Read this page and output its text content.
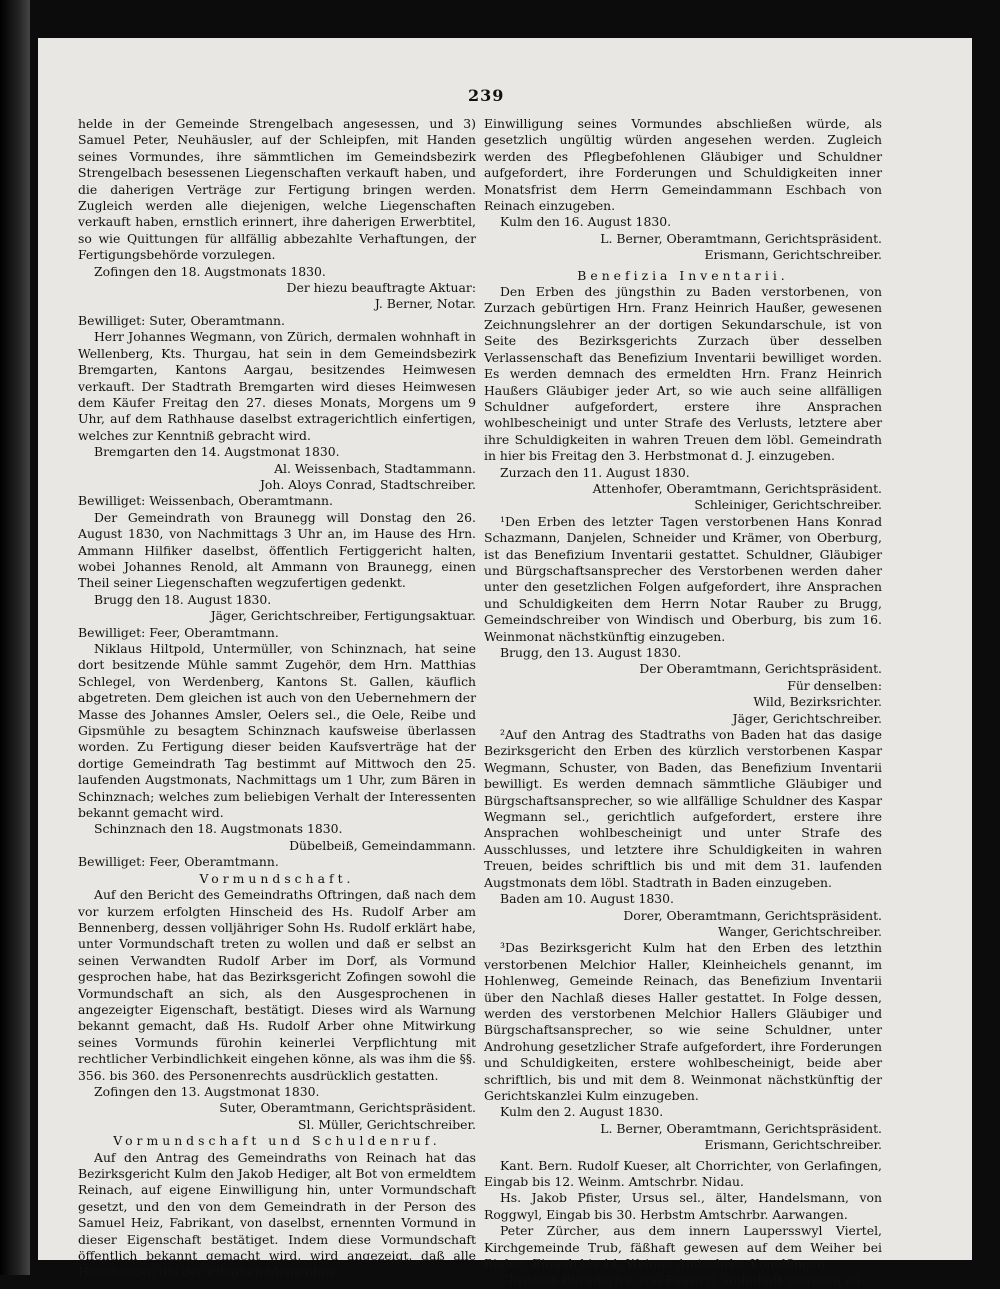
239

helde in der Gemeinde Strengelbach angesessen, und 3) Samuel Peter, Neuhäusler, auf der Schleipfen, mit Handen seines Vormundes, ihre sämmtlichen im Gemeindsbezirk Strengelbach besessenen Liegenschaften verkauft haben, und die daherigen Verträge zur Fertigung bringen werden. Zugleich werden alle diejenigen, welche Liegenschaften verkauft haben, ernstlich erinnert, ihre daherigen Erwerbtitel, so wie Quittungen für allfällig abbezahlte Verhaftungen, der Fertigungsbehörde vorzulegen.

Zofingen den 18. Augstmonats 1830.

Der hiezu beauftragte Aktuar:

J. Berner, Notar.

Bewilliget: Suter, Oberamtmann.

Herr Johannes Wegmann, von Zürich, dermalen wohnhaft in Wellenberg, Kts. Thurgau, hat sein in dem Gemeindsbezirk Bremgarten, Kantons Aargau, besitzendes Heimwesen verkauft. Der Stadtrath Bremgarten wird dieses Heimwesen dem Käufer Freitag den 27. dieses Monats, Morgens um 9 Uhr, auf dem Rathhause daselbst extragerichtlich einfertigen, welches zur Kenntniß gebracht wird.

Bremgarten den 14. Augstmonat 1830.

Al. Weissenbach, Stadtammann.

Joh. Aloys Conrad, Stadtschreiber.

Bewilliget: Weissenbach, Oberamtmann.

Der Gemeindrath von Braunegg will Donstag den 26. August 1830, von Nachmittags 3 Uhr an, im Hause des Hrn. Ammann Hilfiker daselbst, öffentlich Fertiggericht halten, wobei Johannes Renold, alt Ammann von Braunegg, einen Theil seiner Liegenschaften wegzufertigen gedenkt.

Brugg den 18. August 1830.

Jäger, Gerichtschreiber, Fertigungsaktuar.

Bewilliget: Feer, Oberamtmann.

Niklaus Hiltpold, Untermüller, von Schinznach, hat seine dort besitzende Mühle sammt Zugehör, dem Hrn. Matthias Schlegel, von Werdenberg, Kantons St. Gallen, käuflich abgetreten. Dem gleichen ist auch von den Uebernehmern der Masse des Johannes Amsler, Oelers sel., die Oele, Reibe und Gipsmühle zu besagtem Schinznach kaufsweise überlassen worden. Zu Fertigung dieser beiden Kaufsverträge hat der dortige Gemeindrath Tag bestimmt auf Mittwoch den 25. laufenden Augstmonats, Nachmittags um 1 Uhr, zum Bären in Schinznach; welches zum beliebigen Verhalt der Interessenten bekannt gemacht wird.

Schinznach den 18. Augstmonats 1830.

Dübelbeiß, Gemeindammann.

Bewilliget: Feer, Oberamtmann.

Vormundschaft.

Auf den Bericht des Gemeindraths Oftringen, daß nach dem vor kurzem erfolgten Hinscheid des Hs. Rudolf Arber am Bennenberg, dessen volljähriger Sohn Hs. Rudolf erklärt habe, unter Vormundschaft treten zu wollen und daß er selbst an seinen Verwandten Rudolf Arber im Dorf, als Vormund gesprochen habe, hat das Bezirksgericht Zofingen sowohl die Vormundschaft an sich, als den Ausgesprochenen in angezeigter Eigenschaft, bestätigt. Dieses wird als Warnung bekannt gemacht, daß Hs. Rudolf Arber ohne Mitwirkung seines Vormunds fürohin keinerlei Verpflichtung mit rechtlicher Verbindlichkeit eingehen könne, als was ihm die §§. 356. bis 360. des Personenrechts ausdrücklich gestatten.

Zofingen den 13. Augstmonat 1830.

Suter, Oberamtmann, Gerichtspräsident.

Sl. Müller, Gerichtschreiber.

Vormundschaft und Schuldenruf.

Auf den Antrag des Gemeindraths von Reinach hat das Bezirksgericht Kulm den Jakob Hediger, alt Bot von ermeldtem Reinach, auf eigene Einwilligung hin, unter Vormundschaft gesetzt, und den von dem Gemeindrath in der Person des Samuel Heiz, Fabrikant, von daselbst, ernennten Vormund in dieser Eigenschaft bestätiget. Indem diese Vormundschaft öffentlich bekannt gemacht wird, wird angezeigt, daß alle Handlungen die der Pflegbefohlene ohne

Einwilligung seines Vormundes abschließen würde, als gesetzlich ungültig würden angesehen werden. Zugleich werden des Pflegbefohlenen Gläubiger und Schuldner aufgefordert, ihre Forderungen und Schuldigkeiten inner Monatsfrist dem Herrn Gemeindammann Eschbach von Reinach einzugeben.

Kulm den 16. August 1830.

L. Berner, Oberamtmann, Gerichtspräsident.

Erismann, Gerichtschreiber.

Benefizia Inventarii.

Den Erben des jüngsthin zu Baden verstorbenen, von Zurzach gebürtigen Hrn. Franz Heinrich Haußer, gewesenen Zeichnungslehrer an der dortigen Sekundarschule, ist von Seite des Bezirksgerichts Zurzach über desselben Verlassenschaft das Benefizium Inventarii bewilliget worden. Es werden demnach des ermeldten Hrn. Franz Heinrich Haußers Gläubiger jeder Art, so wie auch seine allfälligen Schuldner aufgefordert, erstere ihre Ansprachen wohlbescheinigt und unter Strafe des Verlusts, letztere aber ihre Schuldigkeiten in wahren Treuen dem löbl. Gemeindrath in hier bis Freitag den 3. Herbstmonat d. J. einzugeben.

Zurzach den 11. August 1830.

Attenhofer, Oberamtmann, Gerichtspräsident.

Schleiniger, Gerichtschreiber.

¹Den Erben des letzter Tagen verstorbenen Hans Konrad Schazmann, Danjelen, Schneider und Krämer, von Oberburg, ist das Benefizium Inventarii gestattet. Schuldner, Gläubiger und Bürgschaftsansprecher des Verstorbenen werden daher unter den gesetzlichen Folgen aufgefordert, ihre Ansprachen und Schuldigkeiten dem Herrn Notar Rauber zu Brugg, Gemeindschreiber von Windisch und Oberburg, bis zum 16. Weinmonat nächstkünftig einzugeben.

Brugg, den 13. August 1830.

Der Oberamtmann, Gerichtspräsident.

Für denselben:

Wild, Bezirksrichter.

Jäger, Gerichtschreiber.

²Auf den Antrag des Stadtraths von Baden hat das dasige Bezirksgericht den Erben des kürzlich verstorbenen Kaspar Wegmann, Schuster, von Baden, das Benefizium Inventarii bewilligt. Es werden demnach sämmtliche Gläubiger und Bürgschaftsansprecher, so wie allfällige Schuldner des Kaspar Wegmann sel., gerichtlich aufgefordert, erstere ihre Ansprachen wohlbescheinigt und unter Strafe des Ausschlusses, und letztere ihre Schuldigkeiten in wahren Treuen, beides schriftlich bis und mit dem 31. laufenden Augstmonats dem löbl. Stadtrath in Baden einzugeben.

Baden am 10. August 1830.

Dorer, Oberamtmann, Gerichtspräsident.

Wanger, Gerichtschreiber.

³Das Bezirksgericht Kulm hat den Erben des letzthin verstorbenen Melchior Haller, Kleinheichels genannt, im Hohlenweg, Gemeinde Reinach, das Benefizium Inventarii über den Nachlaß dieses Haller gestattet. In Folge dessen, werden des verstorbenen Melchior Hallers Gläubiger und Bürgschaftsansprecher, so wie seine Schuldner, unter Androhung gesetzlicher Strafe aufgefordert, ihre Forderungen und Schuldigkeiten, erstere wohlbescheinigt, beide aber schriftlich, bis und mit dem 8. Weinmonat nächstkünftig der Gerichtskanzlei Kulm einzugeben.

Kulm den 2. August 1830.

L. Berner, Oberamtmann, Gerichtspräsident.

Erismann, Gerichtschreiber.

Kant. Bern. Rudolf Kueser, alt Chorrichter, von Gerlafingen, Eingab bis 12. Weinm. Amtschrbr. Nidau.

Hs. Jakob Pfister, Ursus sel., älter, Handelsmann, von Roggwyl, Eingab bis 30. Herbstm Amtschrbr. Aarwangen.

Peter Zürcher, aus dem innern Laupersswyl Viertel, Kirchgemeinde Trub, fäßhaft gewesen auf dem Weiher bei Biglen, Eingab bis 14. Weinm. Amtschrbr. Konolfingen.

Christian Burgdorfer, von Eggiwyl, wohnhaft gewesen an
